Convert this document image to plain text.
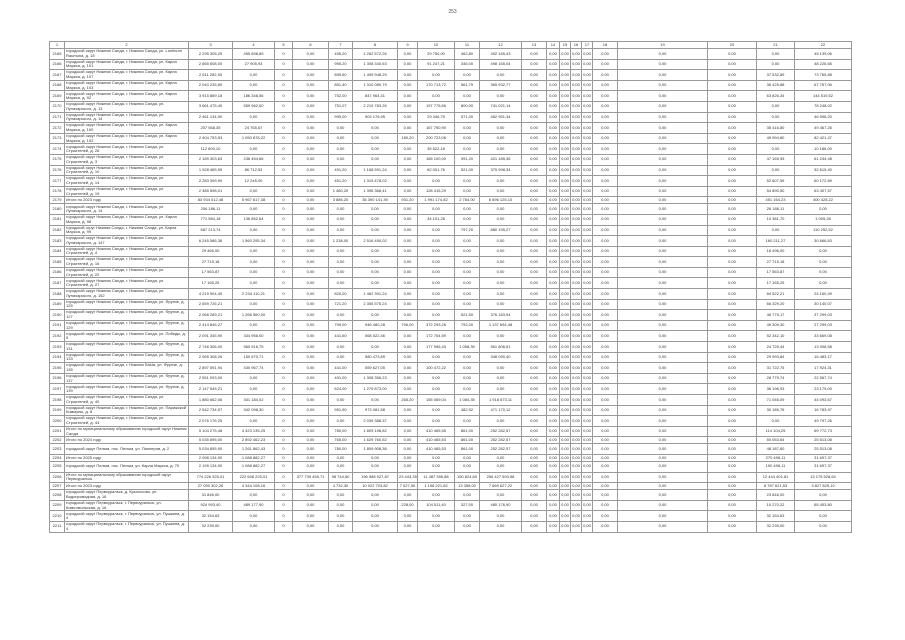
253
1	2	3	4	5	6	7	8	9	10	11	12	13	14	15	16	17	18	19	20	21	22
2165	городской округ Нижняя Салда, г. Нижняя Салда, ул. Luminum Raumuna, д. 18	2 295 305,25	455 898,89	0	0,00	495,20	1 262 572,26	0,00	29 750,00	462,80	492 165,43	0,00	0,00	0,00	0,00	0,00	0,00	0,00	0,00	0,00	45 139,06
2166	городской округ Нижняя Салда, г. Нижняя Салда, ул. Карла Маркса, д. 101	2 665 608,00	27 905,93	0	0,00	995,20	1 308 340,63	0,00	91 247,21	346,00	498 165,04	0,00	0,00	0,00	0,00	0,00	0,00	0,00	0,00	0,00	48 226,65
2167	городской округ Нижняя Салда, г. Нижняя Салда, ул. Карла Маркса, д. 107	2 611 282,93	0,00	0	0,00	899,60	1 499 948,29	0,00	0,00	0,00	0,00	0,00	0,00	0,00	0,00	0,00	0,00	0,00	0,00	37 532,89	73 765,88
2168	городской округ Нижняя Салда, г. Нижняя Салда, ул. Карла Маркса, д. 103	2 040 235,80	0,00	0	0,00	851,40	1 310 080,79	0,00	170 713,72	561,79	365 932,77	0,00	0,00	0,00	0,00	0,00	0,00	0,00	0,00	36 425,88	67 757,06
2169	городской округ Нижняя Салда, г. Нижняя Салда, ул. Карла Маркса, д. 92	3 915 889,18	186 348,56	0	0,00	752,00	847 964,31	0,00	0,00	0,00	0,00	0,00	0,00	0,00	0,00	0,00	0,00	0,00	0,00	63 826,34	144 519,52
2170	городской округ Нижняя Салда, г. Нижняя Салда, ул. Луначарского, д. 13	3 661 475,40	559 962,00	0	0,00	751,07	2 219 783,26	0,00	197 775,66	800,00	741 021,14	0,00	0,00	0,00	0,00	0,00	0,00	0,00	0,00	0,00	78 248,02
2171	городской округ Нижняя Салда, г. Нижняя Салда, ул. Луначарского, д. 14	2 461 134,90	0,00	0	0,00	995,00	903 176,95	0,00	29 346,75	571,00	462 951,34	0,00	0,00	0,00	0,00	0,00	0,00	0,00	0,00	0,00	46 598,20
2172	городской округ Нижняя Салда, г. Нижняя Салда, ул. Карла Маркса, д. 100	207 568,35	24 765,67	0	0,00	0,00	0,00	0,00	167 750,90	0,00	0,00	0,00	0,00	0,00	0,00	0,00	0,00	0,00	0,00	35 416,80	49 467,26
2173	городской округ Нижняя Салда, г. Нижняя Салда, ул. Карла Маркса, д. 102	2 404 753,53	1 050 878,22	0	0,00	0,00	0,00	180,20	200 723,06	0,00	0,00	0,00	0,00	0,00	0,00	0,00	0,00	0,00	0,00	49 994,80	82 421,47
2174	городской округ Нижняя Салда, г. Нижняя Салда, ул. Строителей, д. 26	112 800,10	0,00	0	0,00	0,00	0,00	0,00	35 622,18	0,00	0,00	0,00	0,00	0,00	0,00	0,00	0,00	0,00	0,00	0,00	10 186,00
2175	городской округ Нижняя Салда, г. Нижняя Салда, ул. Строителей, д. 3	2 189 303,63	236 454,66	0	0,00	0,00	0,00	0,00	165 100,00	391,20	421 185,36	0,00	0,00	0,00	0,00	0,00	0,00	0,00	0,00	47 165,95	61 244,48
2176	городской округ Нижняя Салда, г. Нижняя Салда, ул. Строителей, д. 10	1 928 465,59	86 712,53	0	0,00	491,20	1 168 591,24	0,00	82 001,76	521,00	375 998,34	0,00	0,00	0,00	0,00	0,00	0,00	0,00	0,00	0,00	52 615,40
2177	городской округ Нижняя Салда, г. Нижняя Салда, ул. Строителей, д. 14	2 283 399,90	12 245,00	0	0,00	451,20	1 315 478,02	0,00	0,00	0,00	0,00	0,00	0,00	0,00	0,00	0,00	0,00	0,00	0,00	52 607,55	60 172,89
2178	городской округ Нижняя Салда, г. Нижняя Салда, ул. Строителей, д. 19	2 385 598,01	0,00	0	0,00	1 480,20	1 396 368,41	0,00	128 415,29	0,00	0,00	0,00	0,00	0,00	0,00	0,00	0,00	0,00	0,00	54 890,50	63 407,57
2179	Итого по 2023 году	83 934 012,48	5 967 617,38	0	0,00	3 886,20	35 390 141,39	931,20	1 991 174,82	2 784,00	6 696 125,10	0,00	0,00	0,00	0,00	0,00	0,00	0,00	0,00	451 164,23	400 428,22
2180	городской округ Нижняя Салда, г. Нижняя Салда, ул. Луначарского, д. 14	206 186,11	0,00	0	0,00	0,00	0,00	0,00	0,00	0,00	0,00	0,00	0,00	0,00	0,00	0,00	0,00	0,00	0,00	26 186,11	0,00
2181	городской округ Нижняя Салда, г. Нижняя Салда, ул. Карла Маркса, д. 98	771 584,18	136 852,64	0	0,00	0,00	0,00	0,00	34 101,28	0,00	0,00	0,00	0,00	0,00	0,00	0,00	0,00	0,00	0,00	10 381,70	1 005,28
2182	городской огруг Нижняя Салда, г. Нижняя Салда, ул. Карла Маркса, д. 99	687 213,74	0,00	0	0,00	0,00	0,00	0,00	0,00	797,20	880 195,27	0,00	0,00	0,00	0,00	0,00	0,00	0,00	0,00	0,00	110 252,52
2183	городской округ Нижняя Салда, г. Нижняя Салда, ул. Луначарского, д. 147	6 245 586,36	1 560 295,34	0	0,00	1 238,00	2 516 450,02	0,00	0,00	0,00	0,00	0,00	0,00	0,00	0,00	0,00	0,00	0,00	0,00	160 211,27	30 666,63
2184	городской округ Нижняя Салда, г. Нижняя Салда, ул. Строителей, д. 4	29 466,00	0,00	0	0,00	0,00	0,00	0,00	0,00	0,00	0,00	0,00	0,00	0,00	0,00	0,00	0,00	0,00	0,00	16 496,00	0,00
2185	городской округ Нижняя Салда, г. Нижняя Салда, ул. Строителей, д. 16	27 715,18	0,00	0	0,00	0,00	0,00	0,00	0,00	0,00	0,00	0,00	0,00	0,00	0,00	0,00	0,00	0,00	0,00	27 715,18	0,00
2186	городской округ Нижняя Салда, г. Нижняя Салда, ул. Строителей, д. 22	17 563,87	0,00	0	0,00	0,00	0,00	0,00	0,00	0,00	0,00	0,00	0,00	0,00	0,00	0,00	0,00	0,00	0,00	17 563,87	0,00
2187	городской округ Нижняя Салда, г. Нижняя Салда, ул. Строителей, д. 27	17 165,25	0,00	0	0,00	0,00	0,00	0,00	0,00	0,00	0,00	0,00	0,00	0,00	0,00	0,00	0,00	0,00	0,00	17 165,25	0,00
2188	городской округ Нижняя Салда, г. Нижняя Салда, ул. Луначарского, д. 152	4 219 904,40	2 234 110,21	0	0,00	820,00	1 462 391,24	0,00	0,00	0,00	0,00	0,00	0,00	0,00	0,00	0,00	0,00	0,00	0,00	84 522,21	24 160,49
2189	городской округ Нижняя Салда, г. Нижняя Салда, ул. Фрунзе, д. 125	2 659 726,21	0,00	0	0,00	721,20	2 355 575,24	0,00	0,00	0,00	0,00	0,00	0,00	0,00	0,00	0,00	0,00	0,00	0,00	66 329,20	30 140,07
2190	городской округ Нижняя Салда, г. Нижняя Салда, ул. Фрунзе, д. 127	2 068 289,21	1 266 560,00	0	0,00	0,00	0,00	0,00	0,00	521,50	376 183,94	0,00	0,00	0,00	0,00	0,00	0,00	0,00	0,00	46 775,17	37 299,03
2191	городской округ Нижняя Салда, г. Нижняя Салда, ул. Фрунзе, д. 129	2 414 846,27	0,00	0	0,00	799,00	946 480,28	706,00	372 293,26	792,00	1 137 694,48	0,00	0,00	0,00	0,00	0,00	0,00	0,00	0,00	49 309,30	27 299,03
2192	городской округ Нижняя Салда, г. Нижняя Салда, ул. Победы, д. 9	2 091 345,90	334 958,00	0	0,00	441,60	568 522,46	0,00	172 754,59	0,00	0,00	0,00	0,00	0,00	0,00	0,00	0,00	0,00	0,00	52 342,10	33 669,08
2193	городской округ Нижняя Салда, г. Нижняя Салда, ул. Фрунзе, д. 131	2 746 306,00	960 916,75	0	0,00	0,00	0,00	0,00	177 996,43	1 058,39	561 806,51	0,00	0,00	0,00	0,00	0,00	0,00	0,00	0,00	24 725,44	13 908,58
2194	городской округ Нижняя Салда, г. Нижняя Салда, ул. Фрунзе, д. 133	2 065 308,26	150 670,71	0	0,00	0,00	580 473,89	0,00	0,00	0,00	348 090,40	0,00	0,00	0,00	0,00	0,00	0,00	0,00	0,00	29 993,84	16 483,17
2195	городской округ Нижняя Салда, г. Нижняя Salda, ул. Фрунзе, д. 135	2 897 591,94	430 967,74	0	0,00	441,00	559 627,05	0,00	100 472,22	0,00	0,00	0,00	0,00	0,00	0,00	0,00	0,00	0,00	0,00	31 722,75	17 924,31
2196	городской округ Нижняя Салда, г. Нижняя Салда, ул. Фрунзе, д. 137	2 551 093,00	0,00	0	0,00	491,00	1 308 356,23	0,00	0,00	0,00	0,00	0,00	0,00	0,00	0,00	0,00	0,00	0,00	0,00	28 779,74	22 567,74
2197	городской округ Нижняя Салда, г. Нижняя Салда, ул. Фрунзе, д. 139	2 147 545,21	0,00	0	0,00	624,00	1 279 873,00	0,00	0,00	0,00	0,00	0,00	0,00	0,00	0,00	0,00	0,00	0,00	0,00	36 196,93	23 179,00
2198	городской округ Нижняя Салда, г. Нижняя Салда, ул. Строителей, д. 40	1 880 662,06	341 184,02	0	0,00	0,00	0,00	265,20	155 069,04	1 084,35	1 918 673,11	0,00	0,00	0,00	0,00	0,00	0,00	0,00	0,00	71 046,09	44 093,67
2199	городской округ Нижняя Салда, г. Нижняя Салда, ул. Парижской Коммуны, д. 8	2 542 734,97	342 098,30	0	0,00	951,90	973 081,58	0,00	0,00	482,52	471 170,12	0,00	0,00	0,00	0,00	0,00	0,00	0,00	0,00	30 189,76	16 783,97
2200	городской округ Нижняя Салда, г. Нижняя Салда, ул. Строителей, д. 44	2 076 176,25	0,00	0	0,00	0,00	2 039 388,37	0,00	0,00	0,00	0,00	0,00	0,00	0,00	0,00	0,00	0,00	0,00	0,00	0,00	49 797,26
2201	Итого по муниципальному образованию городской округ Нижняя Салда	5 104 275,48	4 423 135,25	0	0,00	780,00	1 809 198,82	0,00	410 465,55	861,00	252 282,57	0,00	0,00	0,00	0,00	0,00	0,00	0,00	0,00	114 104,25	69 772,73
2202	Итого по 2024 году	5 035 895,00	2 892 462,23	0	0,00	765,00	1 629 760,52	0,00	410 465,53	861,00	252 282,57	0,00	0,00	0,00	0,00	0,00	0,00	0,00	0,00	50 053,64	25 513,08
2203	городской округ Пелым, пос. Пелым, ул. Пионеров, д. 2	5 034 895,90	1 261 862,43	0	0,00	780,00	1 809 908,38	0,00	410 465,53	861,00	252 282,57	0,00	0,00	0,00	0,00	0,00	0,00	0,00	0,00	48 187,60	25 513,08
2204	Итого по 2025 году	2 098 134,90	1 088 882,27	0	0,00	0,00	0,00	0,00	0,00	0,00	0,00	0,00	0,00	0,00	0,00	0,00	0,00	0,00	0,00	270 498,11	31 697,37
2205	городской округ Пелым, пос. Пелым, ул. Карла Маркса, д. 70	2 199 134,90	1 088 882,27	0	0,00	0,00	0,00	0,00	0,00	0,00	0,00	0,00	0,00	0,00	0,00	0,00	0,00	0,00	0,00	190 498,11	31 697,37
2206	Итого по муниципальному образованию городской округ Первоуральск	774 226 325,01	222 608 225,01	0	377 739 455,71	98 744,60	196 988 927,87	23 443,35	11 487 396,88	150 824,60	256 427 593,58	0,00	0,00	0,00	0,00	0,00	0,00	0,00	0,00	12 444 401,81	13 175 528,64
2207	Итого по 2023 году	27 090 302,26	4 344 108,16	0	0,00	4 732,30	10 022 703,82	7 027,50	1 198 221,82	13 358,00	7 669 627,22	0,00	0,00	0,00	0,00	0,00	0,00	0,00	0,00	8 787 621,53	3 827 825,10
2208	городской округ Первоуральск, д. Крылосово, ул. Водопроводная, д. 16	31 846,00	0,00	0	0,00	0,00	0,00	0,00	0,00	0,00	0,00	0,00	0,00	0,00	0,00	0,00	0,00	0,00	0,00	23 846,00	0,00
2209	городской округ Первоуральск, г. Первоуральск, ул. Комсомольская, д. 16	924 993,40	489 177,90	0	0,00	0,00	0,00	228,00	104 511,40	327,00	480 176,90	0,00	0,00	0,00	0,00	0,00	0,00	0,00	0,00	10 270,22	65 453,80
2210	городской округ Первоуральск, г. Первоуральск, ул. Пушкина, д. 4	32 154,63	0,00	0	0,00	0,00	0,00	0,00	0,00	0,00	0,00	0,00	0,00	0,00	0,00	0,00	0,00	0,00	0,00	32 154,63	0,00
2211	городской округ Первоуральск, г. Первоуральск, ул. Пушкина, д. 4	32 239,00	0,00	0	0,00	0,00	0,00	0,00	0,00	0,00	0,00	0,00	0,00	0,00	0,00	0,00	0,00	0,00	0,00	32 239,00	0,00
